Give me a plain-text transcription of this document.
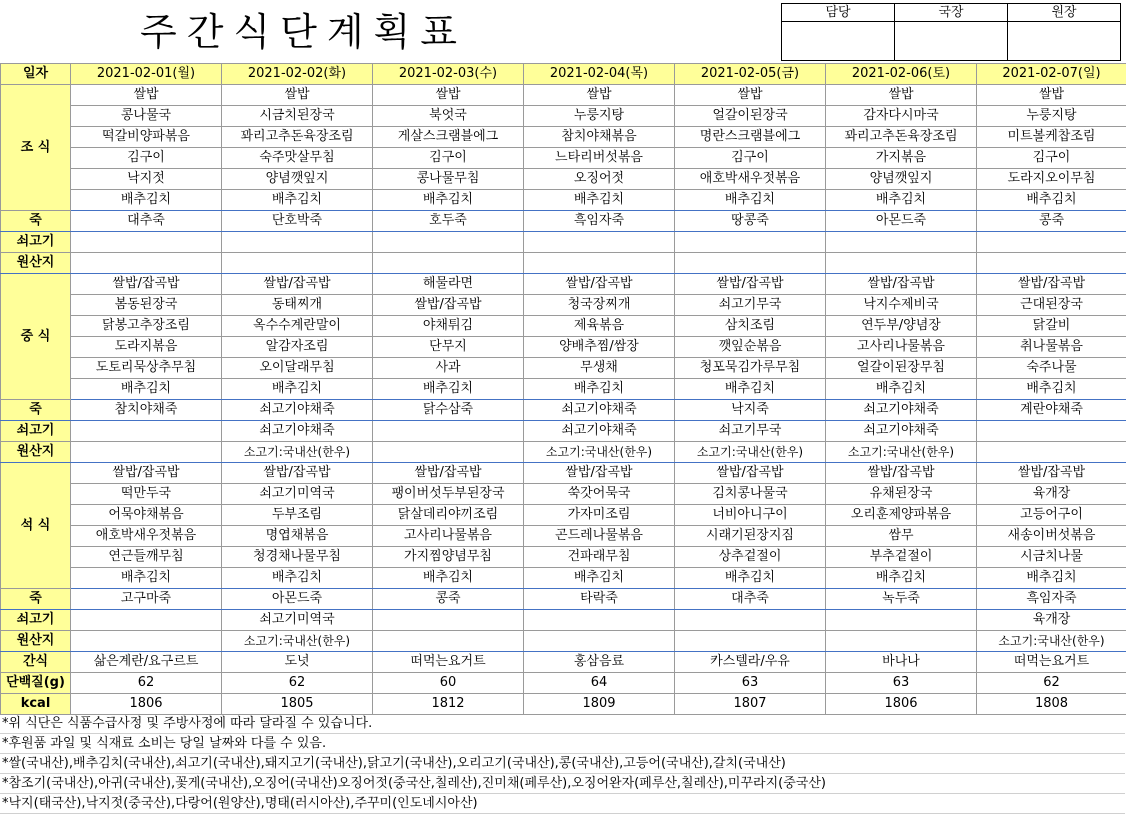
주간식단계획표	담당	국장	원장

일자	2021-02-01(월)	2021-02-02(화)	2021-02-03(수)	2021-02-04(목)	2021-02-05(금)	2021-02-06(토)	2021-02-07(일)
조 식	쌀밥	쌀밥	쌀밥	쌀밥	쌀밥	쌀밥	쌀밥
	콩나물국	시금치된장국	북엇국	누룽지탕	얼갈이된장국	감자다시마국	누룽지탕
	떡갈비양파볶음	꽈리고추돈육장조림	게살스크램블에그	참치야채볶음	명란스크램블에그	꽈리고추돈육장조림	미트볼케찹조림
	김구이	숙주맛살무침	김구이	느타리버섯볶음	김구이	가지볶음	김구이
	낙지젓	양념깻잎지	콩나물무침	오징어젓	애호박새우젓볶음	양념깻잎지	도라지오이무침
	배추김치	배추김치	배추김치	배추김치	배추김치	배추김치	배추김치
죽	대추죽	단호박죽	호두죽	흑임자죽	땅콩죽	아몬드죽	콩죽
쇠고기							
원산지							
중 식	쌀밥/잡곡밥	쌀밥/잡곡밥	해물라면	쌀밥/잡곡밥	쌀밥/잡곡밥	쌀밥/잡곡밥	쌀밥/잡곡밥
	봄동된장국	동태찌개	쌀밥/잡곡밥	청국장찌개	쇠고기무국	낙지수제비국	근대된장국
	닭봉고추장조림	옥수수계란말이	야채튀김	제육볶음	삼치조림	연두부/양념장	닭갈비
	도라지볶음	알감자조림	단무지	양배추찜/쌈장	깻잎순볶음	고사리나물볶음	취나물볶음
	도토리묵상추무침	오이달래무침	사과	무생채	청포묵김가루무침	얼갈이된장무침	숙주나물
	배추김치	배추김치	배추김치	배추김치	배추김치	배추김치	배추김치
죽	참치야채죽	쇠고기야채죽	닭수삼죽	쇠고기야채죽	낙지죽	쇠고기야채죽	계란야채죽
쇠고기		쇠고기야채죽		쇠고기야채죽	쇠고기무국	쇠고기야채죽	
원산지		소고기:국내산(한우)		소고기:국내산(한우)	소고기:국내산(한우)	소고기:국내산(한우)	
석 식	쌀밥/잡곡밥	쌀밥/잡곡밥	쌀밥/잡곡밥	쌀밥/잡곡밥	쌀밥/잡곡밥	쌀밥/잡곡밥	쌀밥/잡곡밥
	떡만두국	쇠고기미역국	팽이버섯두부된장국	쑥갓어묵국	김치콩나물국	유채된장국	육개장
	어묵야채볶음	두부조림	닭살데리야끼조림	가자미조림	너비아니구이	오리훈제양파볶음	고등어구이
	애호박새우젓볶음	명엽채볶음	고사리나물볶음	곤드레나물볶음	시래기된장지짐	쌈무	새송이버섯볶음
	연근들깨무침	청경채나물무침	가지찜양념무침	건파래무침	상추겉절이	부추겉절이	시금치나물
	배추김치	배추김치	배추김치	배추김치	배추김치	배추김치	배추김치
죽	고구마죽	아몬드죽	콩죽	타락죽	대추죽	녹두죽	흑임자죽
쇠고기		쇠고기미역국					육개장
원산지		소고기:국내산(한우)					소고기:국내산(한우)
간식	삶은계란/요구르트	도넛	떠먹는요거트	홍삼음료	카스텔라/우유	바나나	떠먹는요거트
단백질(g)	62	62	60	64	63	63	62
kcal	1806	1805	1812	1809	1807	1806	1808
*위 식단은 식품수급사정 및 주방사정에 따라 달라질 수 있습니다.
*후원품 과일 및 식재료 소비는 당일 날짜와 다를 수 있음.
*쌀(국내산),배추김치(국내산),쇠고기(국내산),돼지고기(국내산),닭고기(국내산),오리고기(국내산),콩(국내산),고등어(국내산),갈치(국내산)
*참조기(국내산),아귀(국내산),꽃게(국내산),오징어(국내산)오징어젓(중국산,칠레산),진미채(페루산),오징어완자(페루산,칠레산),미꾸라지(중국산)
*낙지(태국산),낙지젓(중국산),다랑어(원양산),명태(러시아산),주꾸미(인도네시아산)
